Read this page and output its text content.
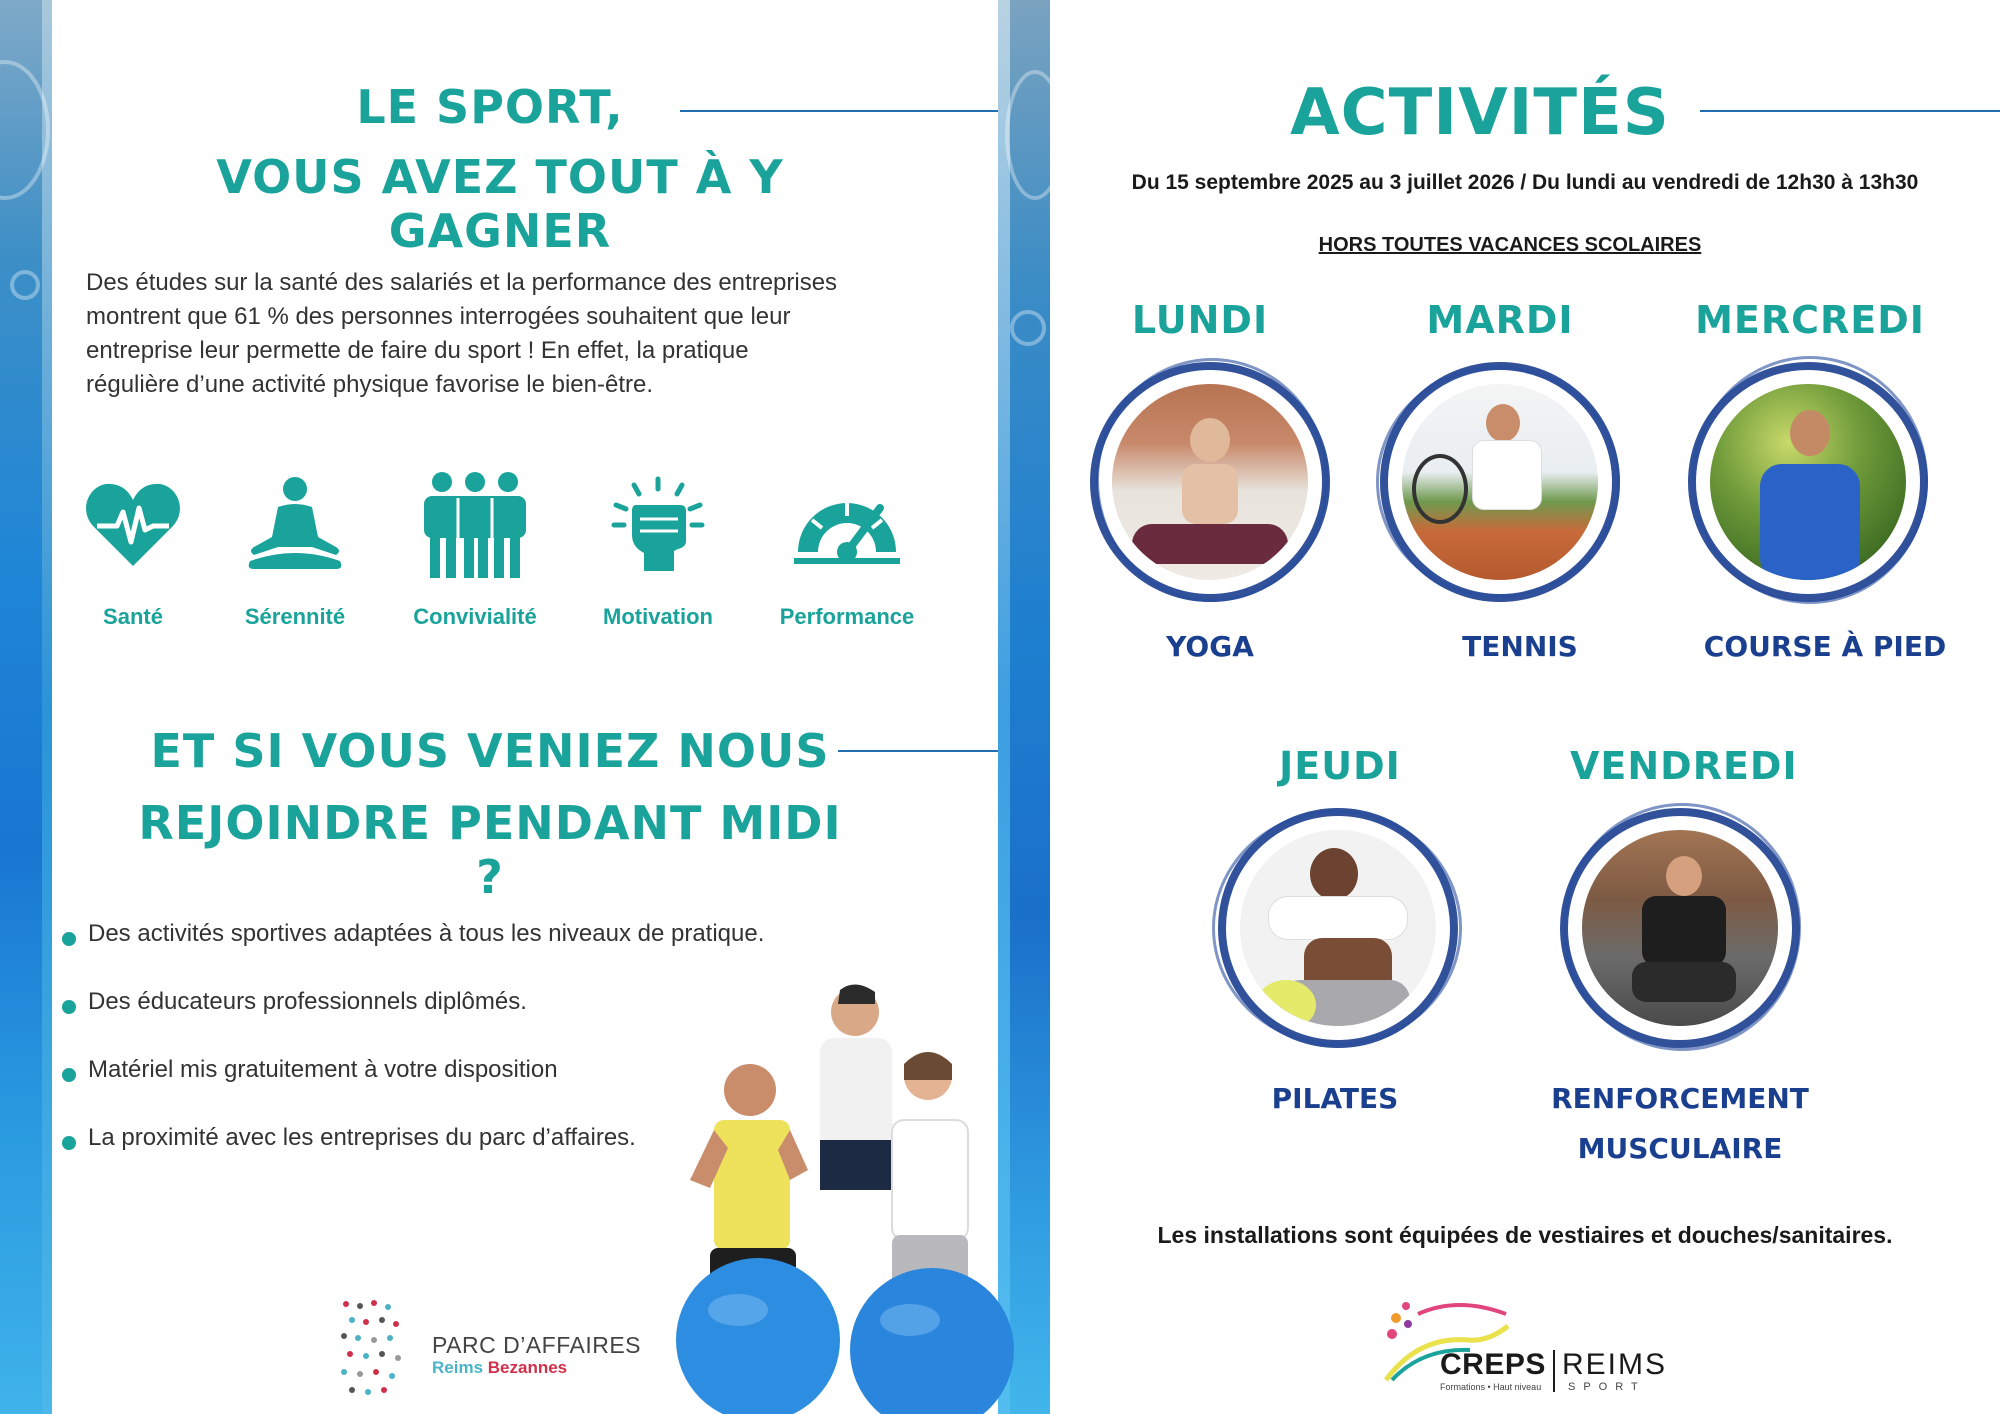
LE SPORT,
VOUS AVEZ TOUT À Y GAGNER
Des études sur la santé des salariés et la performance des entreprises
montrent que 61 % des personnes interrogées souhaitent que leur
entreprise leur permette de faire du sport ! En effet, la pratique
régulière d’une activité physique favorise le bien-être.
Santé	Sérennité	Convivialité	Motivation	Performance
ET SI VOUS VENIEZ NOUS
REJOINDRE PENDANT MIDI ?
Des activités sportives adaptées à tous les niveaux de pratique.
Des éducateurs professionnels diplômés.
Matériel mis gratuitement à votre disposition
La proximité avec les entreprises du parc d’affaires.
PARC D’AFFAIRES
Reims Bezannes
ACTIVITÉS
Du 15 septembre 2025 au 3 juillet 2026 / Du lundi au vendredi de 12h30 à 13h30
HORS TOUTES VACANCES SCOLAIRES
LUNDI	MARDI	MERCREDI
JEUDI	VENDREDI
YOGA	TENNIS	COURSE À PIED
PILATES	RENFORCEMENT
MUSCULAIRE
Les installations sont équipées de vestiaires et douches/sanitaires.
CREPS REIMS
Formations • Haut niveau SPORT
